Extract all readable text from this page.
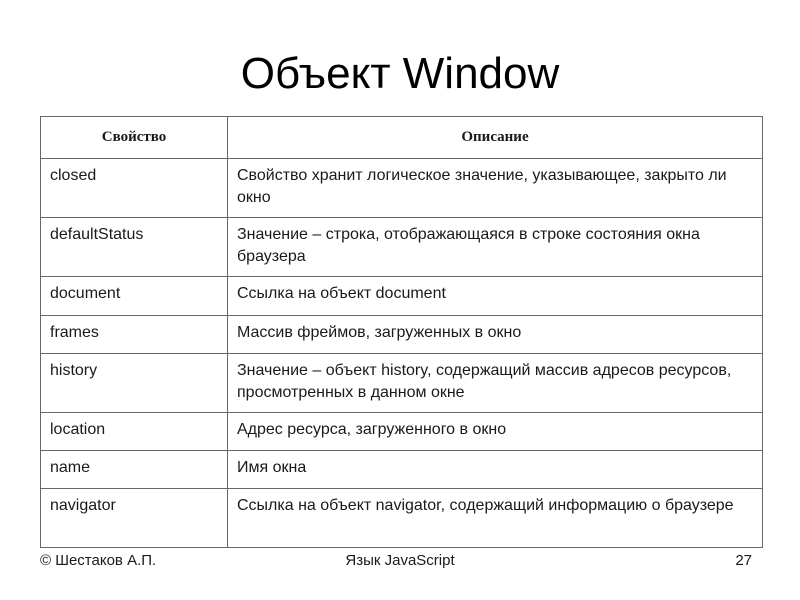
Объект Window
Свойство	Описание
closed	Свойство хранит логическое значение, указывающее, закрыто ли окно
defaultStatus	Значение – строка, отображающаяся в строке состояния окна браузера
document	Ссылка на объект document
frames	Массив фреймов, загруженных в окно
history	Значение – объект history, содержащий массив адресов ресурсов, просмотренных в данном окне
location	Адрес ресурса, загруженного в окно
name	Имя окна
navigator	Ссылка на объект navigator, содержащий информацию о браузере
© Шестаков А.П.	Язык JavaScript	27
